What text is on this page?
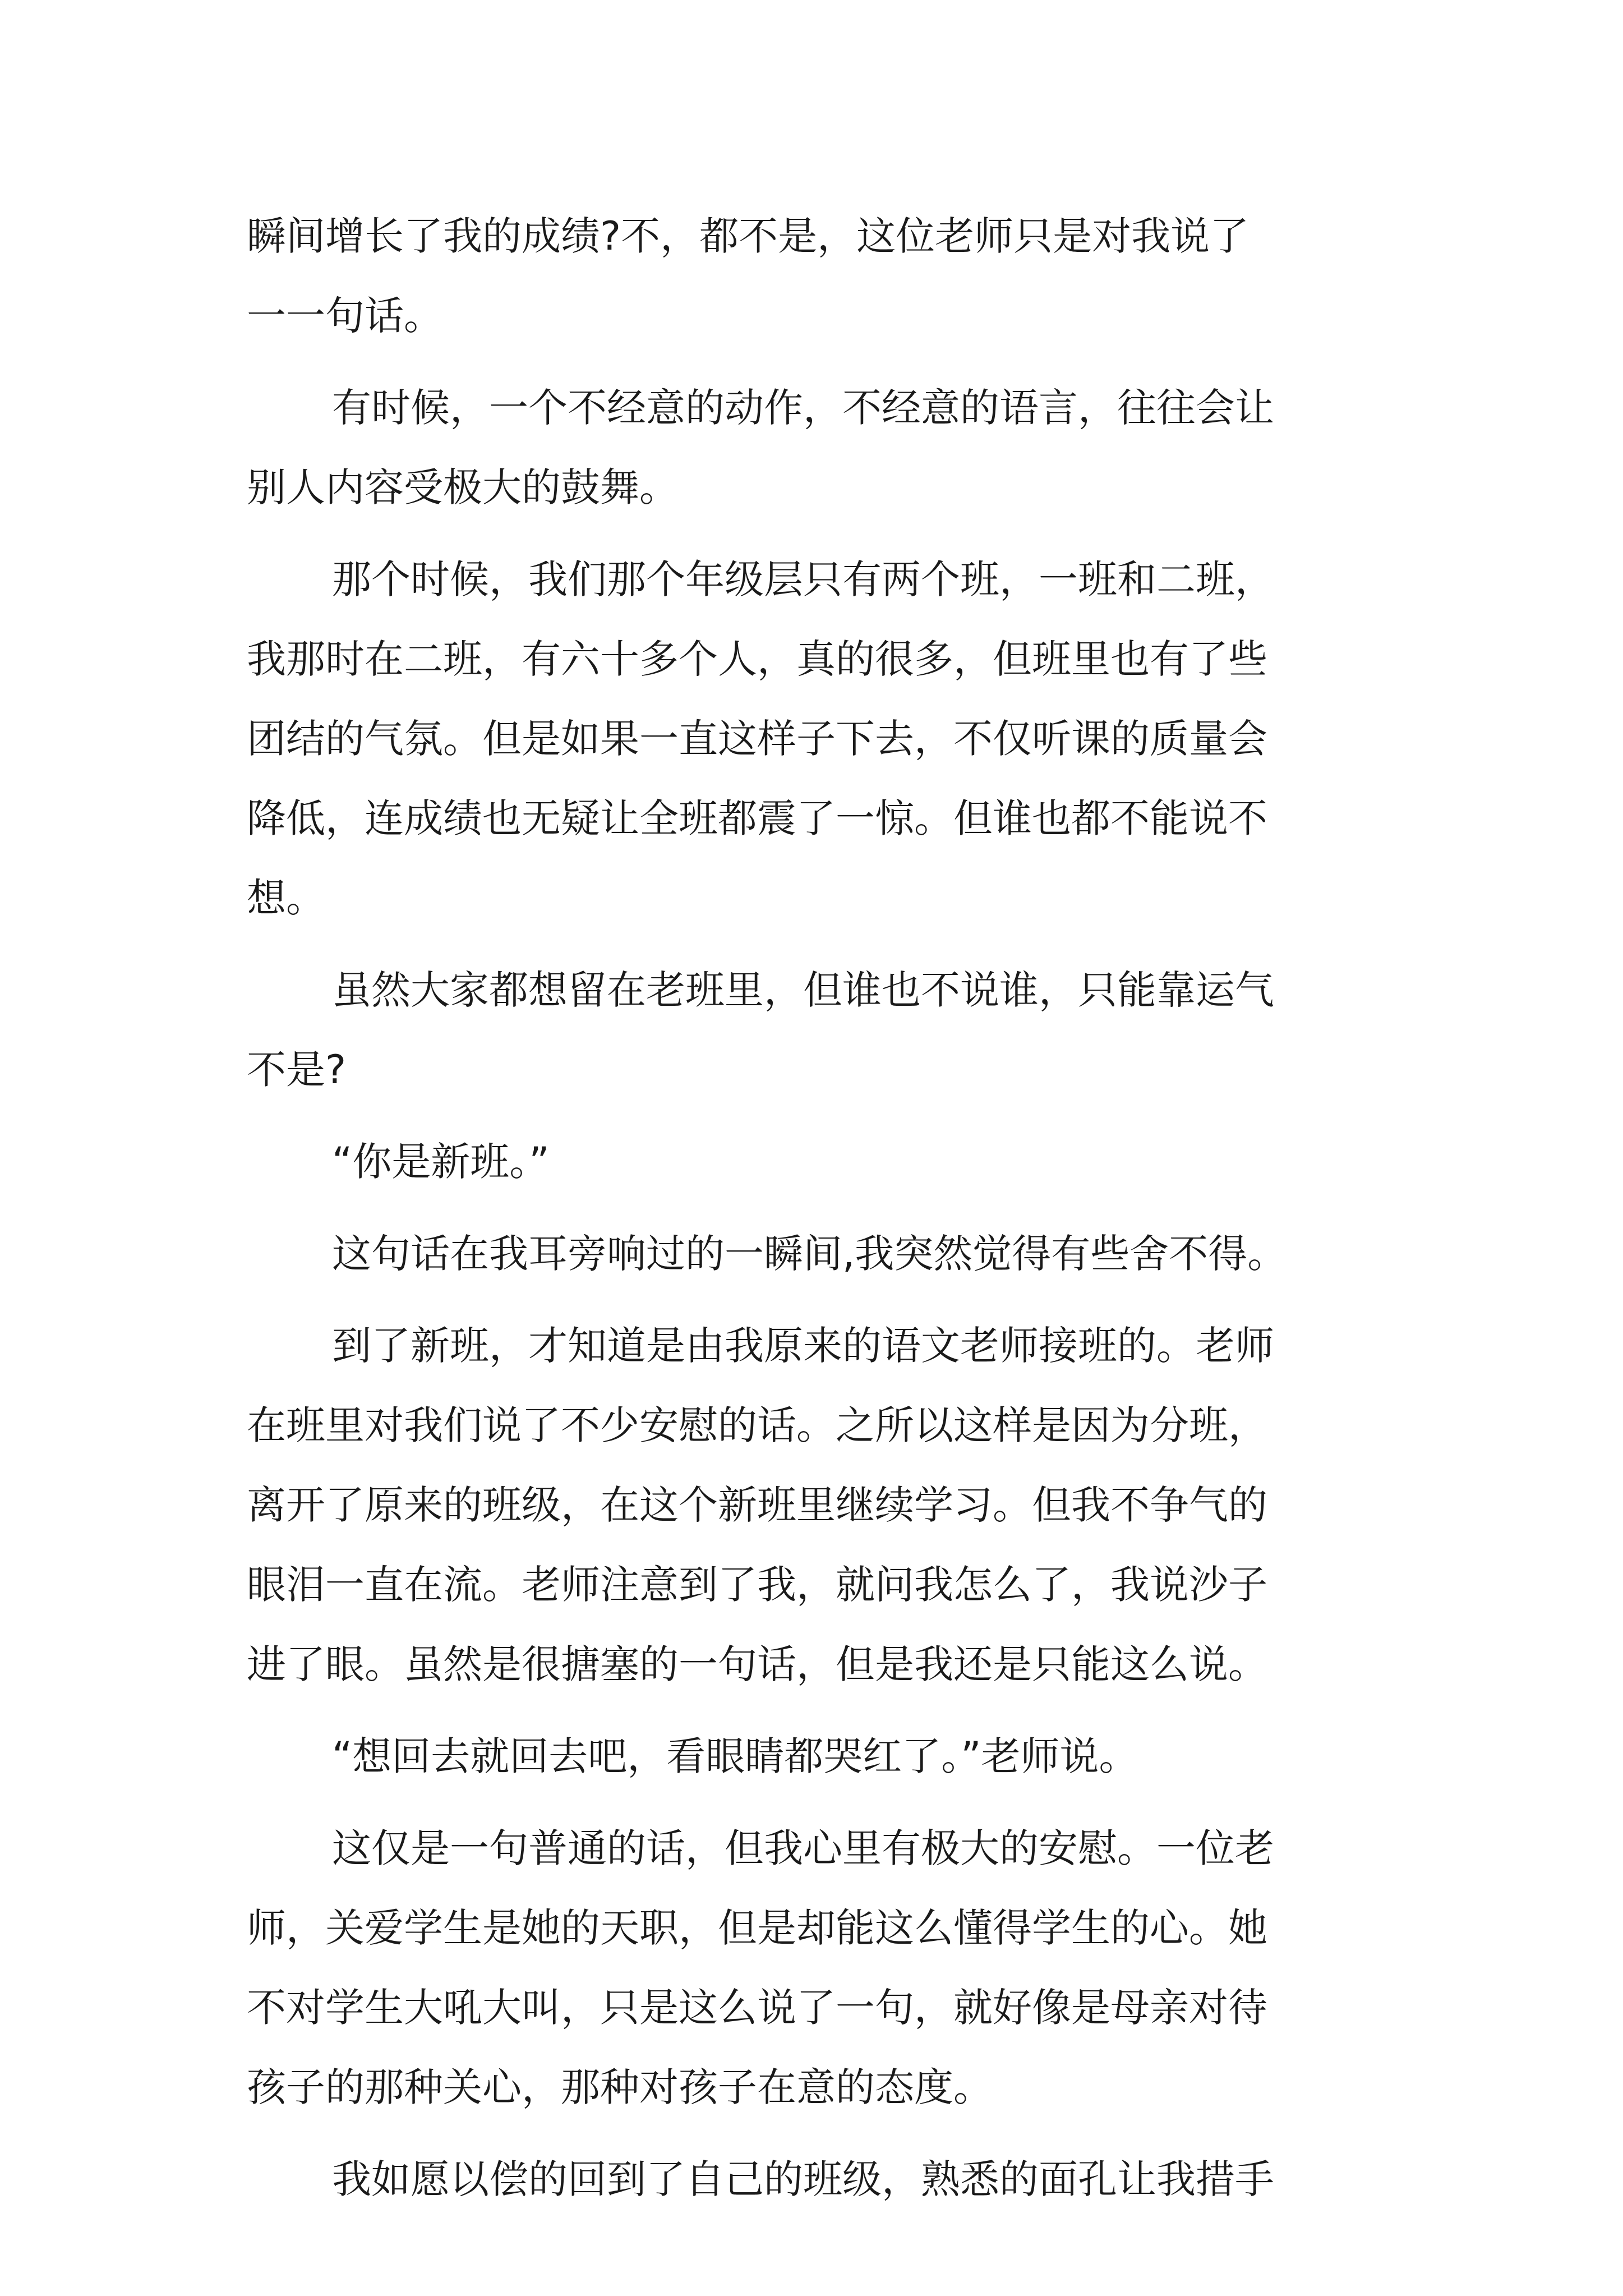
瞬间增长了我的成绩?不，都不是，这位老师只是对我说了
一一句话。
有时候，一个不经意的动作，不经意的语言，往往会让
别人内容受极大的鼓舞。
那个时候，我们那个年级层只有两个班，一班和二班，
我那时在二班，有六十多个人，真的很多，但班里也有了些
团结的气氛。但是如果一直这样子下去，不仅听课的质量会
降低，连成绩也无疑让全班都震了一惊。但谁也都不能说不
想。
虽然大家都想留在老班里，但谁也不说谁，只能靠运气
不是?
“你是新班。”
这句话在我耳旁响过的一瞬间,我突然觉得有些舍不得。
到了新班，才知道是由我原来的语文老师接班的。老师
在班里对我们说了不少安慰的话。之所以这样是因为分班，
离开了原来的班级，在这个新班里继续学习。但我不争气的
眼泪一直在流。老师注意到了我，就问我怎么了，我说沙子
进了眼。虽然是很搪塞的一句话，但是我还是只能这么说。
“想回去就回去吧，看眼睛都哭红了。”老师说。
这仅是一句普通的话，但我心里有极大的安慰。一位老
师，关爱学生是她的天职，但是却能这么懂得学生的心。她
不对学生大吼大叫，只是这么说了一句，就好像是母亲对待
孩子的那种关心，那种对孩子在意的态度。
我如愿以偿的回到了自己的班级，熟悉的面孔让我措手
